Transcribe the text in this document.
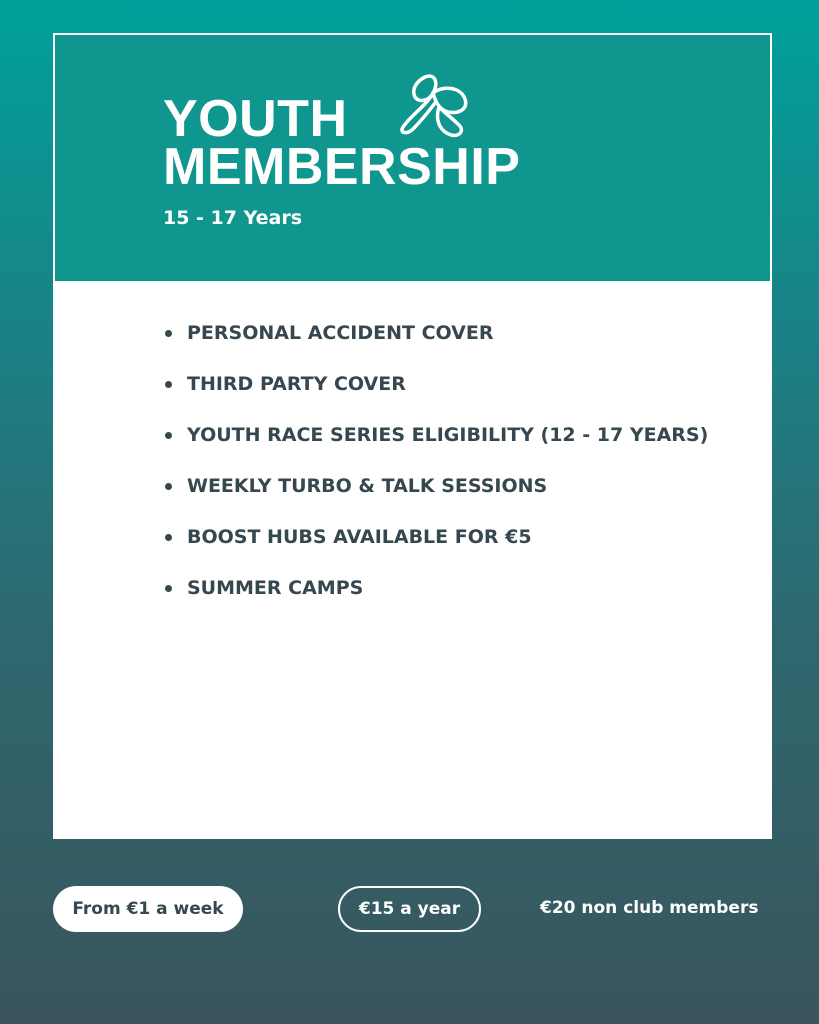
YOUTH
MEMBERSHIP
15 - 17 Years
PERSONAL ACCIDENT COVER
THIRD PARTY COVER
YOUTH RACE SERIES ELIGIBILITY (12 - 17 YEARS)
WEEKLY TURBO & TALK SESSIONS
BOOST HUBS AVAILABLE FOR €5
SUMMER CAMPS
From €1 a week	€15 a year	€20 non club members
